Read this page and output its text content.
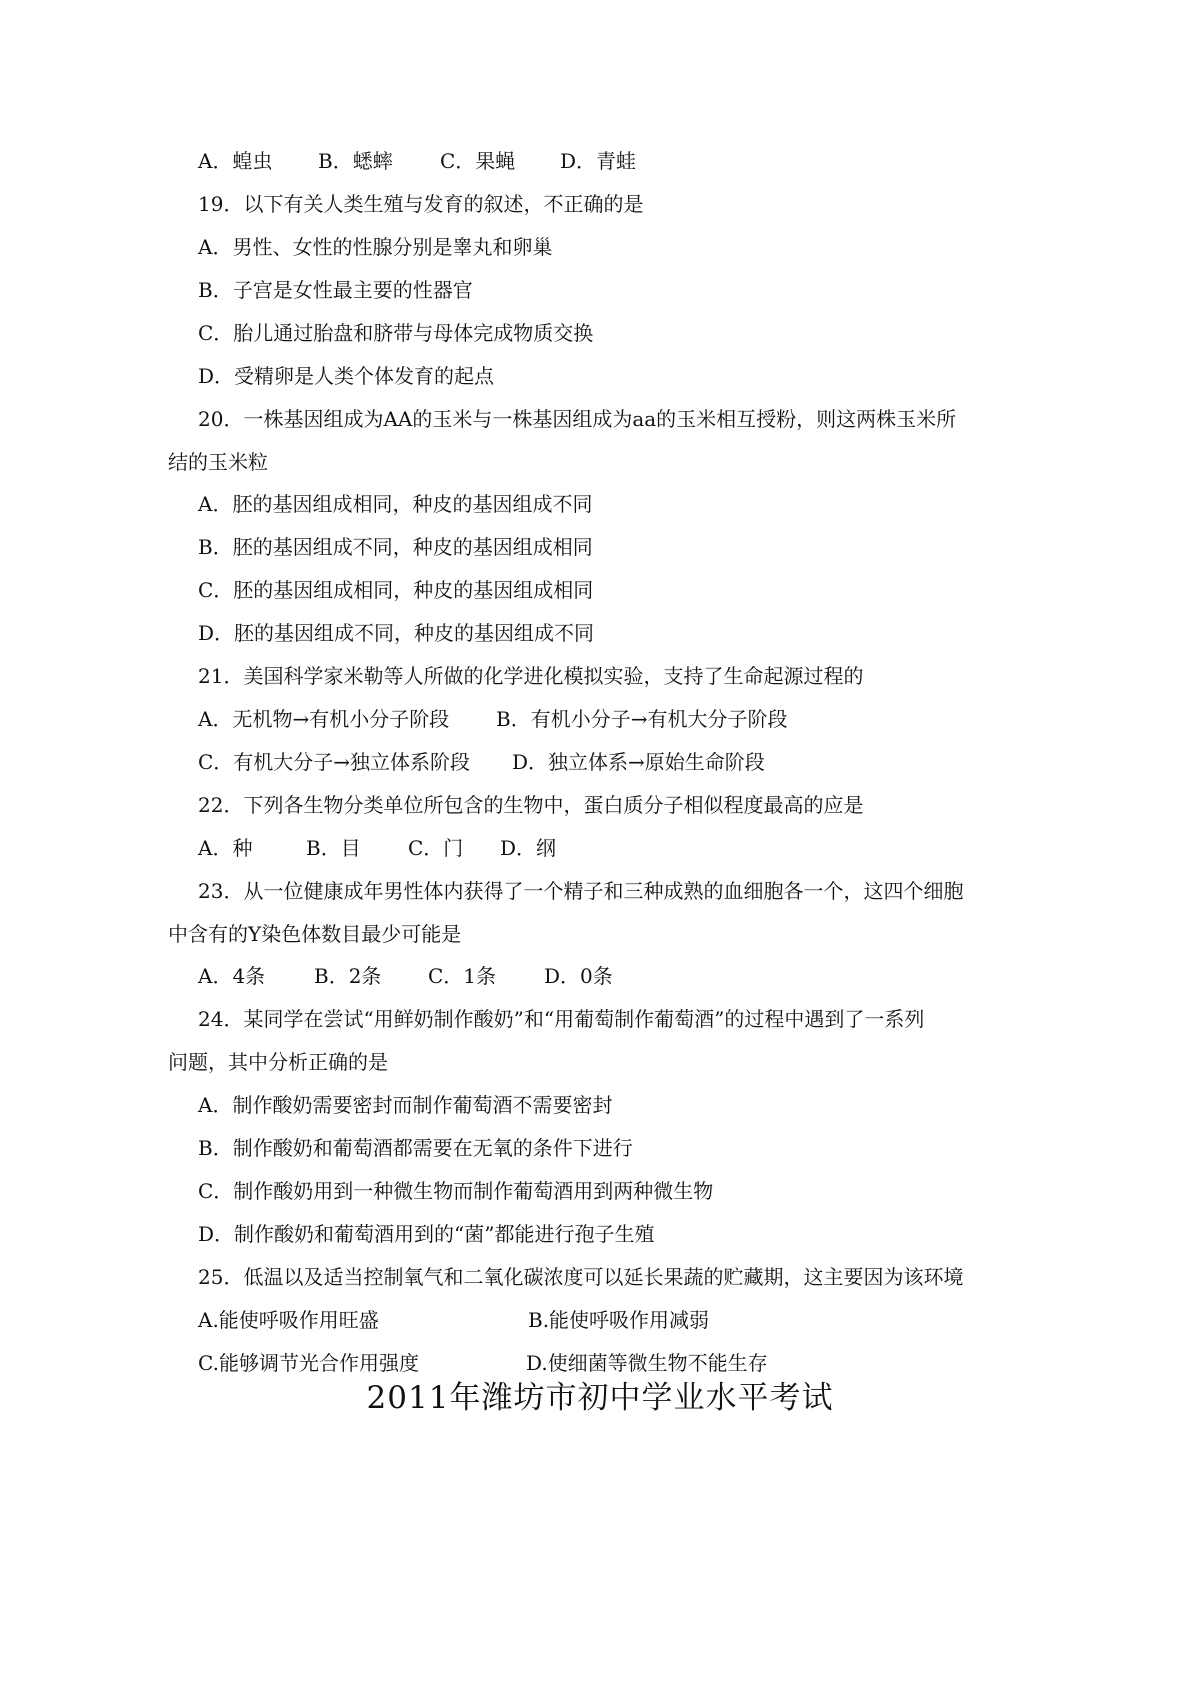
A．蝗虫 B．蟋蟀 C．果蝇 D．青蛙
19．以下有关人类生殖与发育的叙述，不正确的是
A．男性、女性的性腺分别是睾丸和卵巢
B．子宫是女性最主要的性器官
C．胎儿通过胎盘和脐带与母体完成物质交换
D．受精卵是人类个体发育的起点
20．一株基因组成为AA的玉米与一株基因组成为aa的玉米相互授粉，则这两株玉米所
结的玉米粒
A．胚的基因组成相同，种皮的基因组成不同
B．胚的基因组成不同，种皮的基因组成相同
C．胚的基因组成相同，种皮的基因组成相同
D．胚的基因组成不同，种皮的基因组成不同
21．美国科学家米勒等人所做的化学进化模拟实验，支持了生命起源过程的
A．无机物→有机小分子阶段 B．有机小分子→有机大分子阶段
C．有机大分子→独立体系阶段 D．独立体系→原始生命阶段
22．下列各生物分类单位所包含的生物中，蛋白质分子相似程度最高的应是
A．种	B．目 C．门 D．纲
23．从一位健康成年男性体内获得了一个精子和三种成熟的血细胞各一个，这四个细胞
中含有的Y染色体数目最少可能是
A．4条 B．2条 C．1条 D．0条
24．某同学在尝试“用鲜奶制作酸奶”和“用葡萄制作葡萄酒”的过程中遇到了一系列
问题，其中分析正确的是
A．制作酸奶需要密封而制作葡萄酒不需要密封
B．制作酸奶和葡萄酒都需要在无氧的条件下进行
C．制作酸奶用到一种微生物而制作葡萄酒用到两种微生物
D．制作酸奶和葡萄酒用到的“菌”都能进行孢子生殖
25．低温以及适当控制氧气和二氧化碳浓度可以延长果蔬的贮藏期，这主要因为该环境
A.能使呼吸作用旺盛	B.能使呼吸作用减弱
C.能够调节光合作用强度	D.使细菌等微生物不能生存
2011年潍坊市初中学业水平考试
